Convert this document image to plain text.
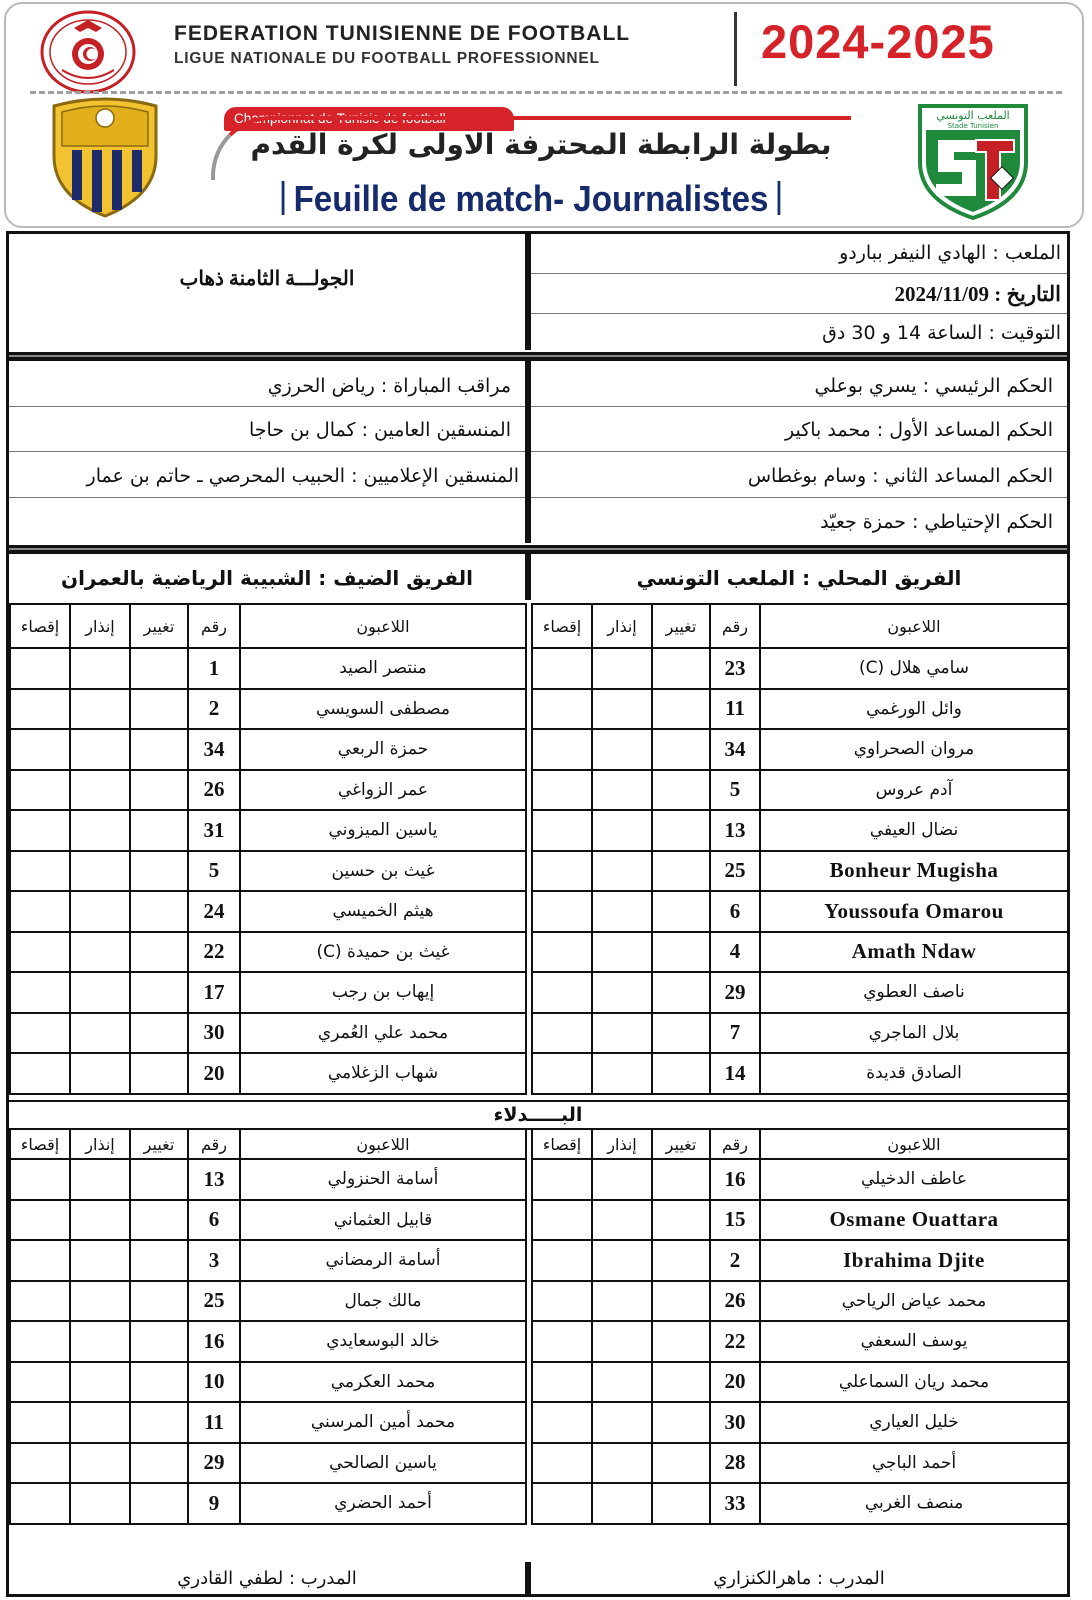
FEDERATION TUNISIENNE DE FOOTBALL
LIGUE NATIONALE DU FOOTBALL PROFESSIONNEL	2024-2025
Championnat de Tunisie de football
بطولة الرابطة المحترفة الاولى لكرة القدم
Feuille de match- Journalistes
الملعب التونسي
Stade Tunisien
الجولـــة الثامنة ذهاب
الملعب : الهادي النيفر بباردو
التاريخ : 2024/11/09
التوقيت : الساعة 14 و 30 دق
مراقب المباراة : رياض الحرزي
المنسقين العامين : كمال بن حاجا
المنسقين الإعلاميين : الحبيب المحرصي ـ حاتم بن عمار
الحكم الرئيسي : يسري بوعلي
الحكم المساعد الأول : محمد باكير
الحكم المساعد الثاني : وسام بوغطاس
الحكم الإحتياطي : حمزة جعيّد
الفريق الضيف : الشبيبة الرياضية بالعمران	الفريق المحلي : الملعب التونسي
إقصاء	إنذار	تغيير	رقم	اللاعبون
			1	منتصر الصيد
			2	مصطفى السويسي
			34	حمزة الربعي
			26	عمر الزواغي
			31	ياسين الميزوني
			5	غيث بن حسين
			24	هيثم الخميسي
			22	غيث بن حميدة (C)
			17	إيهاب بن رجب
			30	محمد علي العُمري
			20	شهاب الزغلامي
إقصاء	إنذار	تغيير	رقم	اللاعبون
			23	سامي هلال (C)
			11	وائل الورغمي
			34	مروان الصحراوي
			5	آدم عروس
			13	نضال العيفي
			25	Bonheur Mugisha
			6	Youssoufa Omarou
			4	Amath Ndaw
			29	ناصف العطوي
			7	بلال الماجري
			14	الصادق قديدة
البـــــدلاء
إقصاء	إنذار	تغيير	رقم	اللاعبون
			13	أسامة الحنزولي
			6	قابيل العثماني
			3	أسامة الرمضاني
			25	مالك جمال
			16	خالد البوسعايدي
			10	محمد العكرمي
			11	محمد أمين المرسني
			29	ياسين الصالحي
			9	أحمد الحضري
إقصاء	إنذار	تغيير	رقم	اللاعبون
			16	عاطف الدخيلي
			15	Osmane Ouattara
			2	Ibrahima Djite
			26	محمد عياض الرياحي
			22	يوسف السعفي
			20	محمد ريان السماعلي
			30	خليل العياري
			28	أحمد الباجي
			33	منصف الغربي
المدرب : لطفي القادري	المدرب : ماهرالكنزاري
